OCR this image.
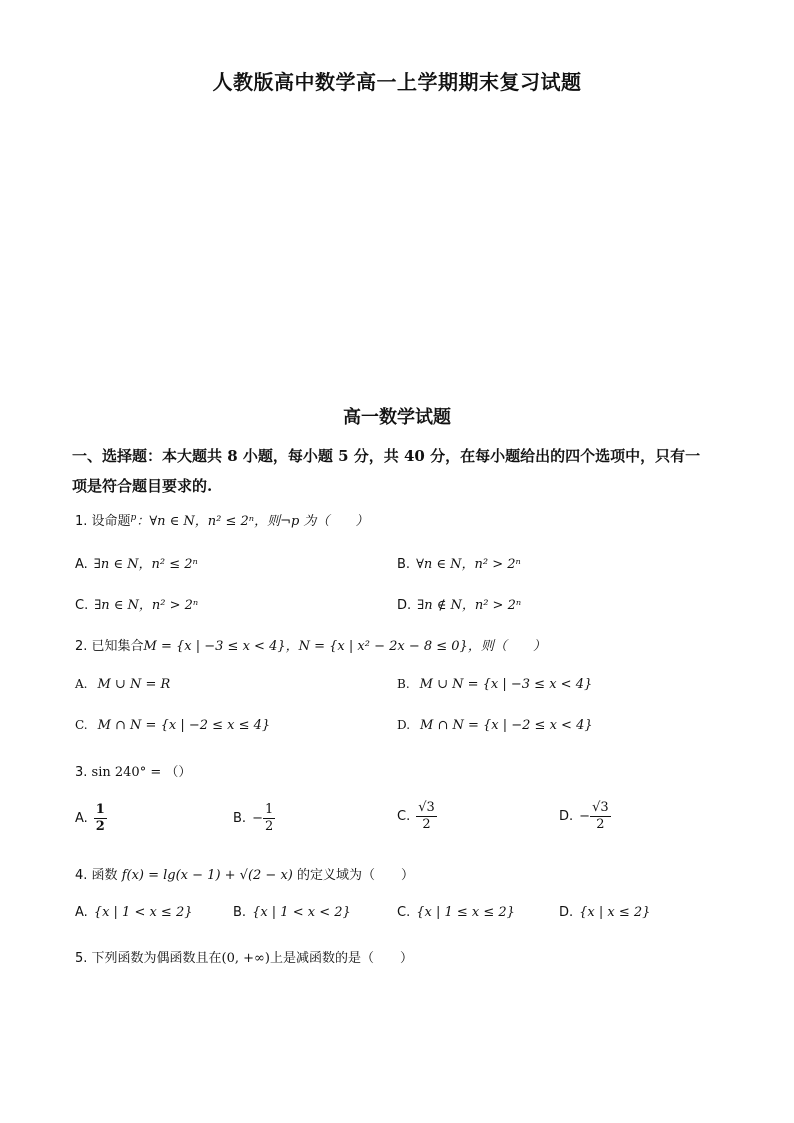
人教版高中数学高一上学期期末复习试题
高一数学试题
一、选择题：本大题共 8 小题，每小题 5 分，共 40 分，在每小题给出的四个选项中，只有一
项是符合题目要求的.
1. 设命题$^p$：∀n ∈ N，n² ≤ 2ⁿ，则¬p 为（　　）
A. ∃n ∈ N，n² ≤ 2ⁿ	B. ∀n ∈ N，n² > 2ⁿ
C. ∃n ∈ N，n² > 2ⁿ	D. ∃n ∉ N，n² > 2ⁿ
2. 已知集合M = {x | −3 ≤ x < 4}，N = {x | x² − 2x − 8 ≤ 0}，则（　　）
A. M ∪ N = R	B. M ∪ N = {x | −3 ≤ x < 4}
C. M ∩ N = {x | −2 ≤ x ≤ 4}	D. M ∩ N = {x | −2 ≤ x < 4}
3. sin 240° = （）
A. $\frac{1}{2}$	B. − $\frac{1}{2}$	C. $\frac{√3}{2}$	D. − $\frac{√3}{2}$
4. 函数 f(x) = lg(x − 1) + √(2 − x) 的定义域为（　　）
A. {x | 1 < x ≤ 2}	B. {x | 1 < x < 2}	C. {x | 1 ≤ x ≤ 2}	D. {x | x ≤ 2}
5. 下列函数为偶函数且在(0, +∞)上是减函数的是（　　）
